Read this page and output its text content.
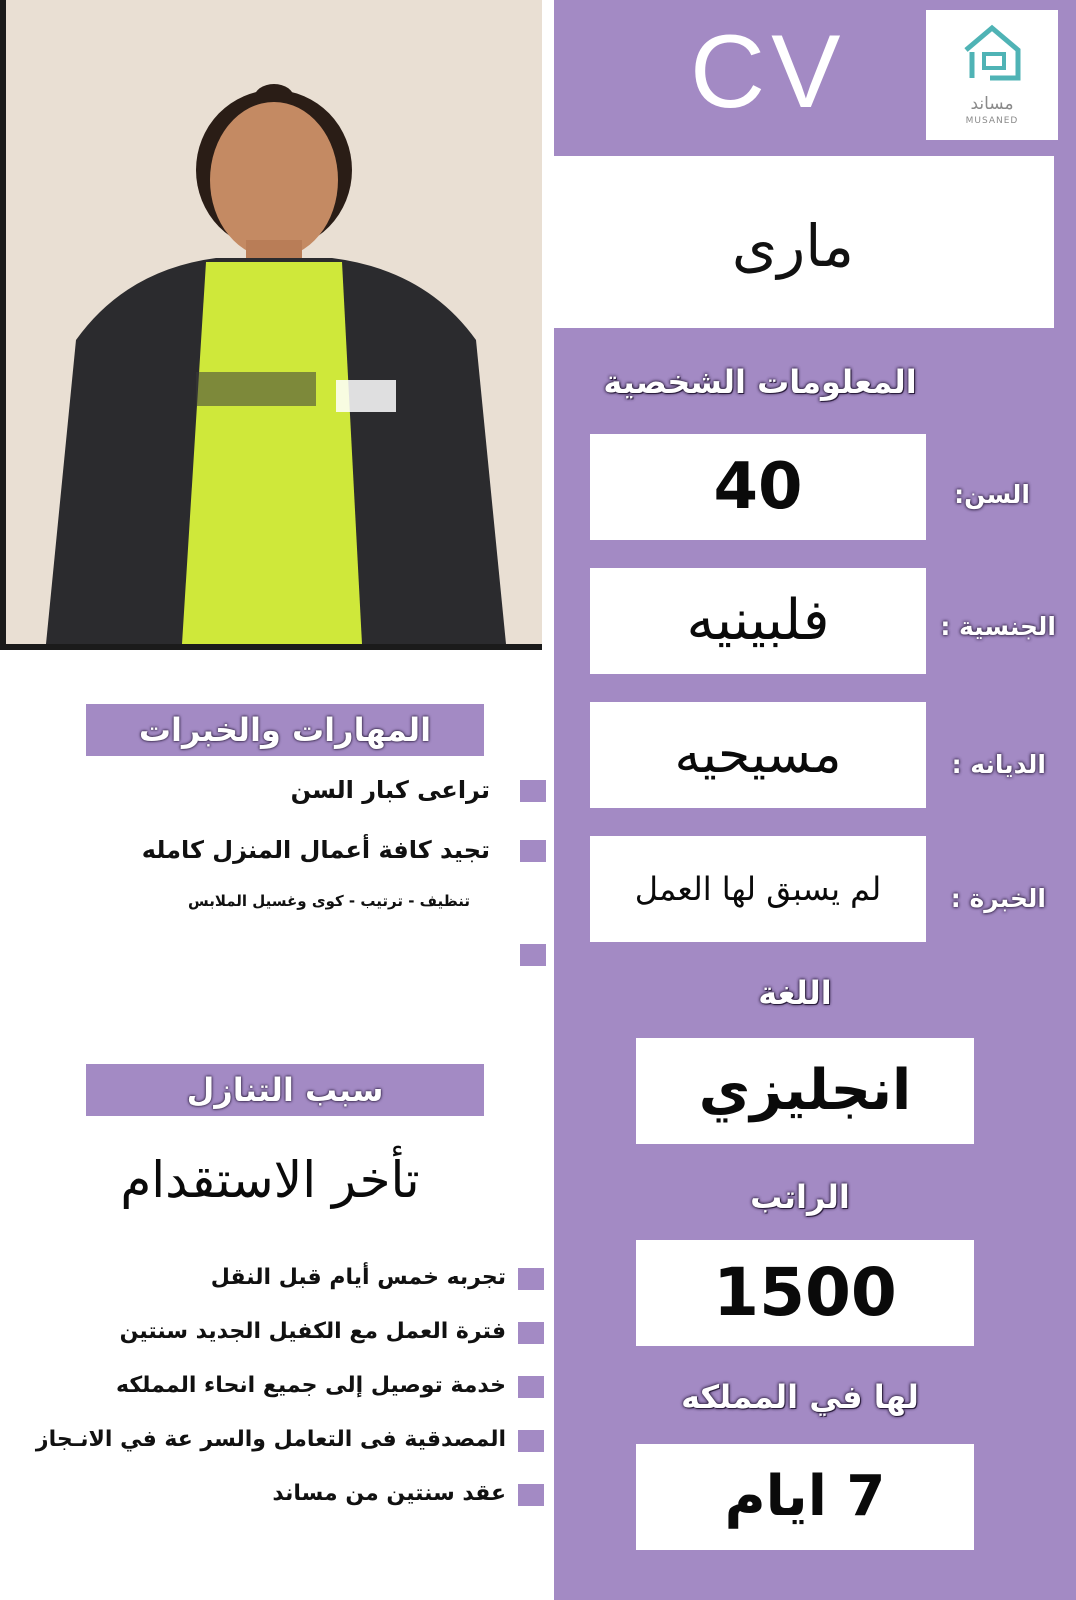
CV	مساند
MUSANED
مارى
المعلومات الشخصية
40	السن:
فلبينيه	الجنسية :
مسيحيه	الديانه :
لم يسبق لها العمل	الخبرة :
اللغة
انجليزي
الراتب
1500
لها في المملكه
7 ايام
المهارات والخبرات
تراعى كبار السن
تجيد كافة أعمال المنزل كامله
تنظيف - ترتيب - كوى وغسيل الملابس
سبب التنازل
تأخر الاستقدام
تجربه خمس أيام قبل النقل
فترة العمل مع الكفيل الجديد سنتين
خدمة توصيل إلى جميع انحاء المملكه
المصدقية فى التعامل والسر عة في الانـجاز
عقد سنتين من مساند
